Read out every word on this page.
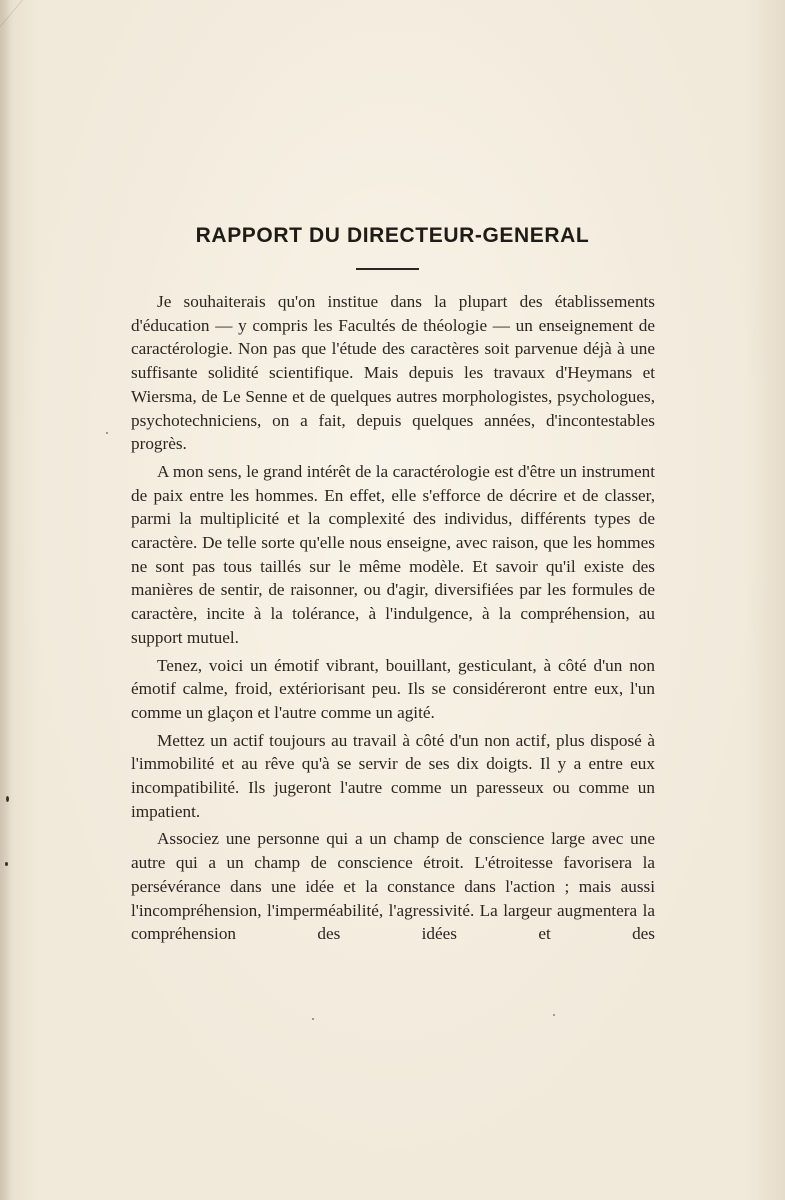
RAPPORT DU DIRECTEUR-GENERAL

Je souhaiterais qu'on institue dans la plupart des établissements d'éducation — y compris les Facultés de théologie — un enseignement de caractérologie. Non pas que l'étude des caractères soit parvenue déjà à une suffisante solidité scientifique. Mais depuis les travaux d'Heymans et Wiersma, de Le Senne et de quelques autres morphologistes, psychologues, psychotechniciens, on a fait, depuis quelques années, d'incontestables progrès.

A mon sens, le grand intérêt de la caractérologie est d'être un instrument de paix entre les hommes. En effet, elle s'efforce de décrire et de classer, parmi la multiplicité et la complexité des individus, différents types de caractère. De telle sorte qu'elle nous enseigne, avec raison, que les hommes ne sont pas tous taillés sur le même modèle. Et savoir qu'il existe des manières de sentir, de raisonner, ou d'agir, diversifiées par les formules de caractère, incite à la tolérance, à l'indulgence, à la compréhension, au support mutuel.

Tenez, voici un émotif vibrant, bouillant, gesticulant, à côté d'un non émotif calme, froid, extériorisant peu. Ils se considéreront entre eux, l'un comme un glaçon et l'autre comme un agité.

Mettez un actif toujours au travail à côté d'un non actif, plus disposé à l'immobilité et au rêve qu'à se servir de ses dix doigts. Il y a entre eux incompatibilité. Ils jugeront l'autre comme un paresseux ou comme un impatient.

Associez une personne qui a un champ de conscience large avec une autre qui a un champ de conscience étroit. L'étroitesse favorisera la persévérance dans une idée et la constance dans l'action ; mais aussi l'incompréhension, l'imperméabilité, l'agressivité. La largeur augmentera la compréhension des idées et des
